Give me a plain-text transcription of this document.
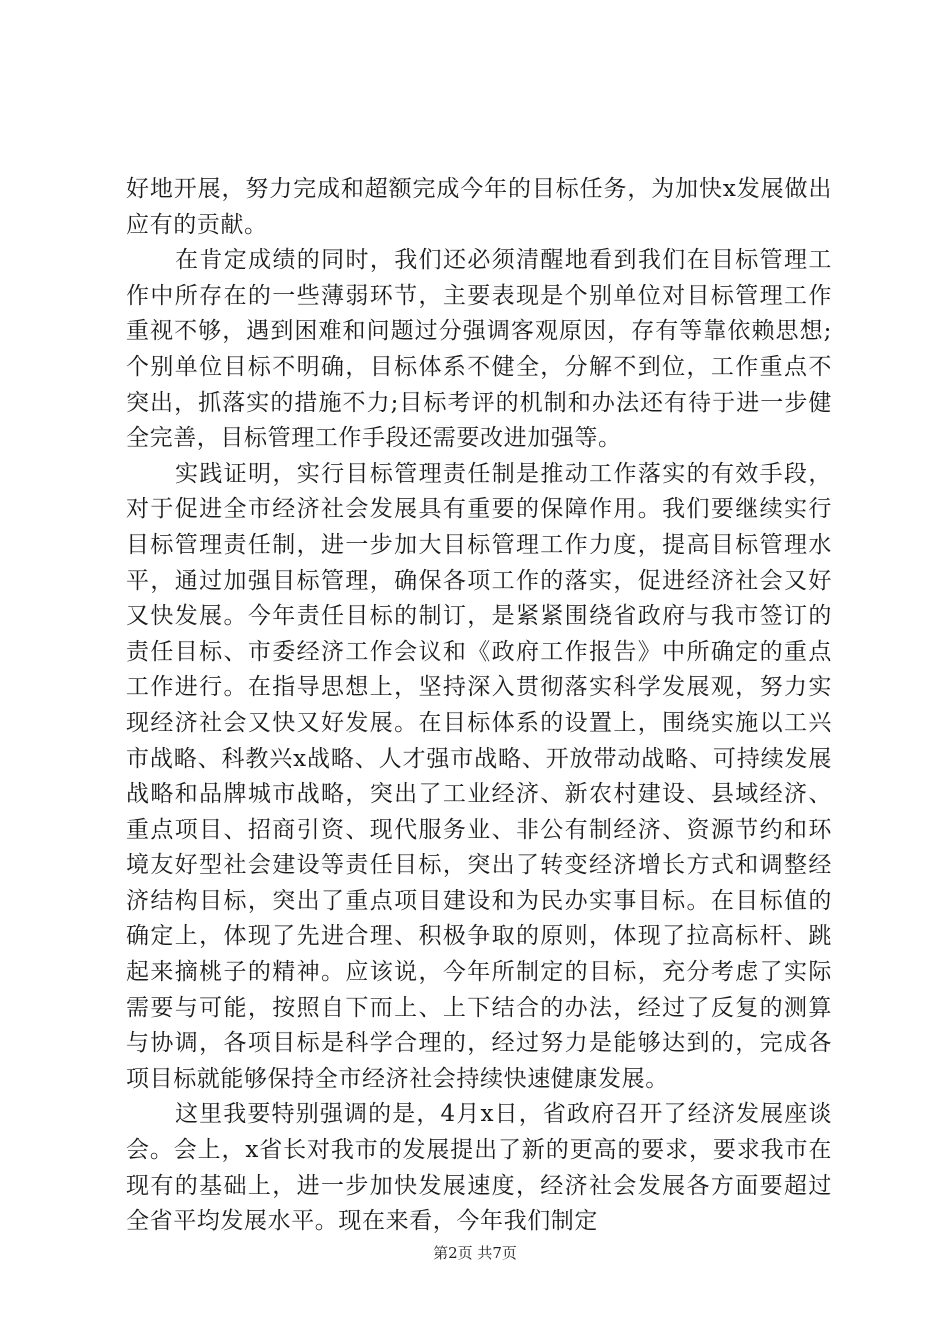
好地开展，努力完成和超额完成今年的目标任务，为加快x发展做出应有的贡献。

在肯定成绩的同时，我们还必须清醒地看到我们在目标管理工作中所存在的一些薄弱环节，主要表现是个别单位对目标管理工作重视不够，遇到困难和问题过分强调客观原因，存有等靠依赖思想;个别单位目标不明确，目标体系不健全，分解不到位，工作重点不突出，抓落实的措施不力;目标考评的机制和办法还有待于进一步健全完善，目标管理工作手段还需要改进加强等。

实践证明，实行目标管理责任制是推动工作落实的有效手段，对于促进全市经济社会发展具有重要的保障作用。我们要继续实行目标管理责任制，进一步加大目标管理工作力度，提高目标管理水平，通过加强目标管理，确保各项工作的落实，促进经济社会又好又快发展。今年责任目标的制订，是紧紧围绕省政府与我市签订的责任目标、市委经济工作会议和《政府工作报告》中所确定的重点工作进行。在指导思想上，坚持深入贯彻落实科学发展观，努力实现经济社会又快又好发展。在目标体系的设置上，围绕实施以工兴市战略、科教兴x战略、人才强市战略、开放带动战略、可持续发展战略和品牌城市战略，突出了工业经济、新农村建设、县域经济、重点项目、招商引资、现代服务业、非公有制经济、资源节约和环境友好型社会建设等责任目标，突出了转变经济增长方式和调整经济结构目标，突出了重点项目建设和为民办实事目标。在目标值的确定上，体现了先进合理、积极争取的原则，体现了拉高标杆、跳起来摘桃子的精神。应该说，今年所制定的目标，充分考虑了实际需要与可能，按照自下而上、上下结合的办法，经过了反复的测算与协调，各项目标是科学合理的，经过努力是能够达到的，完成各项目标就能够保持全市经济社会持续快速健康发展。

这里我要特别强调的是，4月x日，省政府召开了经济发展座谈会。会上，x省长对我市的发展提出了新的更高的要求，要求我市在现有的基础上，进一步加快发展速度，经济社会发展各方面要超过全省平均发展水平。现在来看，今年我们制定

第2页 共7页
